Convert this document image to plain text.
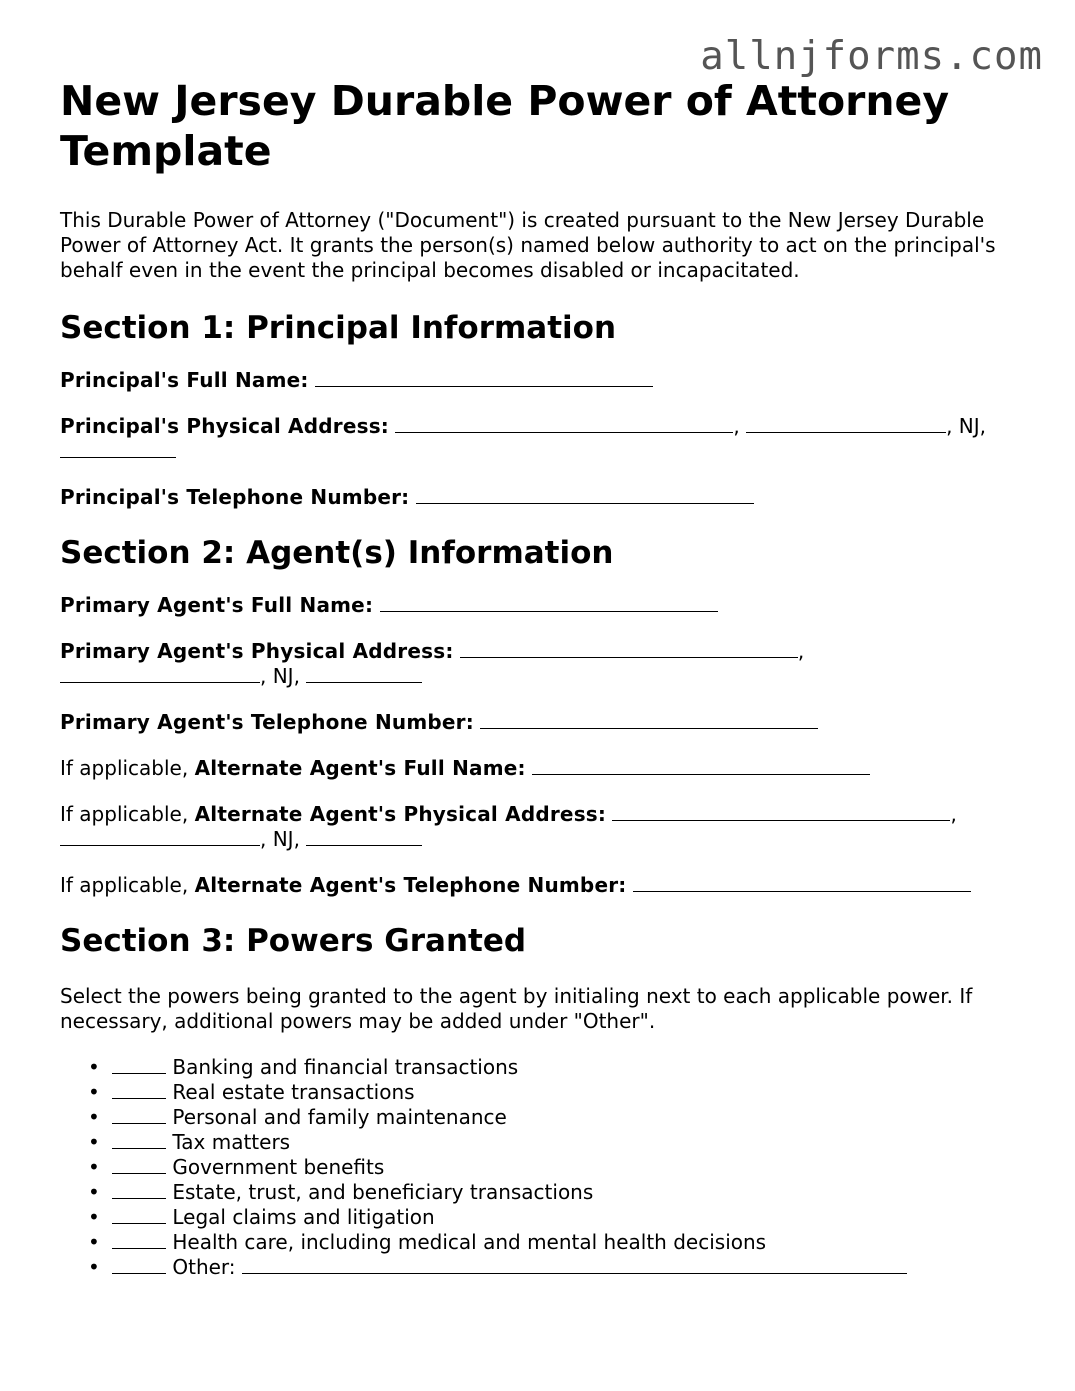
allnjforms.com
New Jersey Durable Power of Attorney Template

This Durable Power of Attorney ("Document") is created pursuant to the New Jersey Durable Power of Attorney Act. It grants the person(s) named below authority to act on the principal's behalf even in the event the principal becomes disabled or incapacitated.

Section 1: Principal Information

Principal's Full Name:

Principal's Physical Address:	,	, NJ,

Principal's Telephone Number:

Section 2: Agent(s) Information

Primary Agent's Full Name:

Primary Agent's Physical Address:	,
, NJ,

Primary Agent's Telephone Number:

If applicable, Alternate Agent's Full Name:

If applicable, Alternate Agent's Physical Address:	,
, NJ,

If applicable, Alternate Agent's Telephone Number:

Section 3: Powers Granted

Select the powers being granted to the agent by initialing next to each applicable power. If necessary, additional powers may be added under "Other".

•	Banking and financial transactions
•	Real estate transactions
•	Personal and family maintenance
•	Tax matters
•	Government benefits
•	Estate, trust, and beneficiary transactions
•	Legal claims and litigation
•	Health care, including medical and mental health decisions
•	Other:
